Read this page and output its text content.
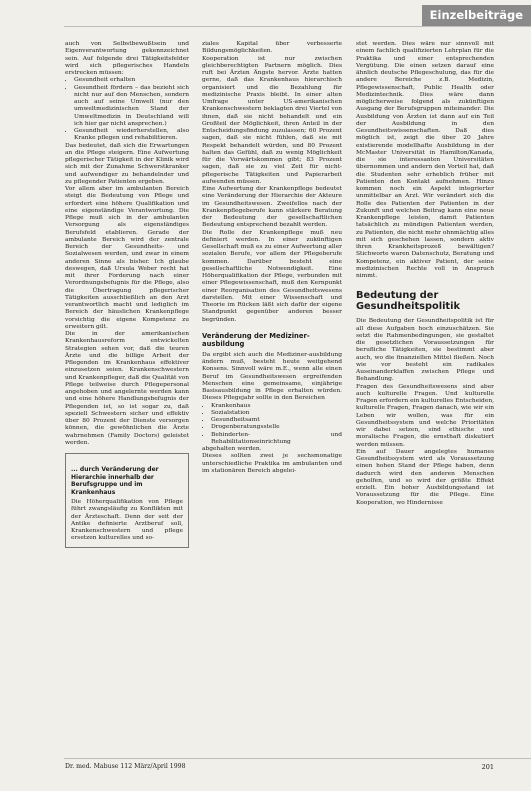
Einzelbeiträge

auch von Selbstbewußtsein und Eigenverantwortung gekennzeichnet sein. Auf folgende drei Tätigkeitsfelder wird sich pflegerisches Handeln erstrecken müssen:

• Gesundheit erhalten
• Gesundheit fördern – das bezieht sich nicht nur auf den Menschen, sondern auch auf seine Umwelt (nur den umweltmedizinischen Stand der Umweltmedizin in Deutschland will ich hier gar nicht ansprechen.)
• Gesundheit wiederherstellen, also Kranke pflegen und rehabilitieren.

Das bedeutet, daß sich die Erwartungen an die Pflege steigern. Eine Aufwertung pflegerischer Tätigkeit in der Klinik wird sich mit der Zunahme Schwerstkranker und aufwendiger zu behandelnder und zu pflegender Patienten ergeben.

Vor allem aber im ambulanten Bereich steigt die Bedeutung von Pflege und erfordert eine höhere Qualifikation und eine eigenständige Verantwortung. Die Pflege muß sich in der ambulanten Versorgung als eigenständiges Berufsfeld etablieren. Gerade der ambulante Bereich wird der zentrale Bereich der Gesundheits- und Sozialwesen werden, und zwar in einem anderen Sinne als bisher. Ich glaube deswegen, daß Ursula Weber recht hat mit ihrer Forderung nach einer Verordnungsbefugnis für die Pflege, also die Übertragung pflegerischer Tätigkeiten ausschließlich an den Arzt verantwortlich macht und lediglich im Bereich der häuslichen Krankenpflege vorsichtig die eigene Kompetenz zu erweitern gilt.

Die in der amerikanischen Krankenhausreform entwickelten Strategien sehen vor, daß die teuren Ärzte und die billige Arbeit der Pflegenden im Krankenhaus effektiver einzusetzen seien. Krankenschwestern und Krankenpfleger, daß die Qualität von Pflege teilweise durch Pflegepersonal angehoben und angelernte werden kann und eine höhere Handlungsbefugnis der Pflegenden ist, so ist sogar zu, daß speziell Schwestern sicher und effektiv über 80 Prozent der Dienste versorgen können, die gewöhnlichen die Ärzte wahrnehmen (Family Doctors) geleistet werden.

... durch Veränderung der Hierarchie innerhalb der Berufsgruppe und im Krankenhaus

Die Höherqualifikation von Pflege führt zwangsläufig zu Konflikten mit der Ärzteschaft. Denn der seit der Antike definierte Arztberuf soll, Krankenschwestern und pflege ersetzen kulturelles und so-

ziales Kapital über verbesserte Bildungsmöglichkeiten.

Kooperation ist nur zwischen gleichberechtigten Partnern möglich. Dies ruft bei Ärzten Ängste hervor. Ärzte hatten gerne, daß das Krankenhaus hierarchisch organisiert und die Bezahlung für medizinische Praxis bleibt. In einer alten Umfrage unter US-amerikanischen Krankenschwestern beklagten drei Viertel von ihnen, daß sie nicht behandelt und ein Großteil der Möglichkeit, ihren Anteil in der Entscheidungsfindung zuzulassen; 60 Prozent sagen, daß sie nicht fühlen, daß sie mit Respekt behandelt würden, und 80 Prozent halten das Gefühl, daß zu wenig Möglichkeit für die Vorwärtskommen gibt; 83 Prozent sagen, daß sie zu viel Zeit für nicht-pflegerische Tätigkeiten und Papierarbeit aufwenden müssen.

Eine Aufwertung der Krankenpflege bedeutet eine Veränderung der Hierarchie der Akteure im Gesundheitswesen. Zweifellos nach der Krankenpflegeberufe kann stärkere Beratung der Bedeutung der gesellschaftlichen Bedeutung entsprechend bezahlt werden.

Die Rolle der Krankenpflege muß neu definiert werden. In einer zukünftigen Gesellschaft muß es zu einer Aufwertung aller sozialen Berufe, vor allem der Pflegeberufe kommen. Darüber besteht eine gesellschaftliche Notwendigkeit. Eine Höherqualifikation der Pflege, verbunden mit einer Pflegewissenschaft, muß den Kernpunkt einer Reorganisation des Gesundheitswesens darstellen. Mit einer Wissenschaft und Theorie im Rücken läßt sich dafür der eigene Standpunkt gegenüber anderen besser begründen.

Veränderung der Mediziner-ausbildung

Da ergibt sich auch die Mediziner-ausbildung ändern muß, besteht heute weitgehend Konsens. Sinnvoll wäre m.E., wenn alle einen Beruf im Gesundheitswesen ergreifenden Menschen eine gemeinsame, einjährige Basisausbildung in Pflege erhalten würden. Dieses Pflegejahr sollte in den Bereichen

• Krankenhaus
• Sozialstation
• Gesundheitsamt
• Drogenberatungsstelle
• Behinderten- und Rehabilitationseinrichtung

abgehalten werden.

Dieses sollten zwei je sechsmonatige unterschiedliche Praktika im ambulanten und im stationären Bereich abgelei-

stet werden. Dies wäre nur sinnvoll mit einem fachlich qualifizierten Lehrplan für die Praktika und einer entsprechenden Vergütung. Die einen setzen darauf eine ähnlich deutsche Pflegeschulung, das für die andere Bereiche z.B. Medizin, Pflegewissenschaft, Public Health oder Medizintechnik. Dies wäre dann möglicherweise folgend als zukünftigen Ausgang der Berufsgruppen miteinander. Die Ausbildung von Ärzten ist dann auf ein Teil der Ausbildung in den Gesundheitswissenschaften. Daß dies möglich ist, zeigt die über 20 Jahre existierende modellhafte Ausbildung in der McMaster Universität in Hamilton/Kanada, die sie interessanten Universitäten übernommen und andern den Vorteil hat, daß die Studenten sehr erheblich früher mit Patienten den Kontakt aufnehmen. Hinzu kommen noch ein Aspekt integrierter unmittelbar an Arzt. Wir verändert sich die Rolle des Patienten der Patienten in der Zukunft und welchen Beitrag kann eine neue Krankenpflege leisten, damit Patienten tatsächlich zu mündigen Patienten werden, zu Patienten, die nicht mehr ohnmächtig alles mit sich geschehen lassen, sondern aktiv ihren Krankheitsprozeß bewältigen? Stichworte waren Datenschutz, Beratung und Kompetenz, ein aktiver Patient, der seine medizinischen Rechte voll in Anspruch nimmt.

Bedeutung der Gesundheitspolitik

Die Bedeutung der Gesundheitspolitik ist für all diese Aufgaben hoch einzuschätzen. Sie setzt die Rahmenbedingungen, sie gestaltet die gesetzlichen Voraussetzungen für berufliche Tätigkeiten, sie bestimmt aber auch, wo die finanziellen Mittel fließen. Noch wie vor besteht ein radikales Auseinanderklaffen zwischen Pflege und Behandlung.

Fragen des Gesundheitswesens sind aber auch kulturelle Fragen. Und kulturelle Fragen erfordern ein kulturelles Entscheiden, kulturelle Fragen, Fragen danach, wie wir ein Leben wir wollen, was für ein Gesundheitssystem und welche Prioritäten wir dabei setzen, sind ethische und moralische Fragen, die ernsthaft diskutiert werden müssen.

Ein auf Dauer angelegtes humanes Gesundheitssystem wird als Voraussetzung einen hohen Stand der Pflege haben, denn dadurch wird den anderen Menschen geholfen, und so wird der größte Effekt erzielt. Ein hoher Ausbildungsstand ist Voraussetzung für die Pflege. Eine Kooperation, wo Hindernisse

Dr. med. Mabuse 112 März/April 1998	201
